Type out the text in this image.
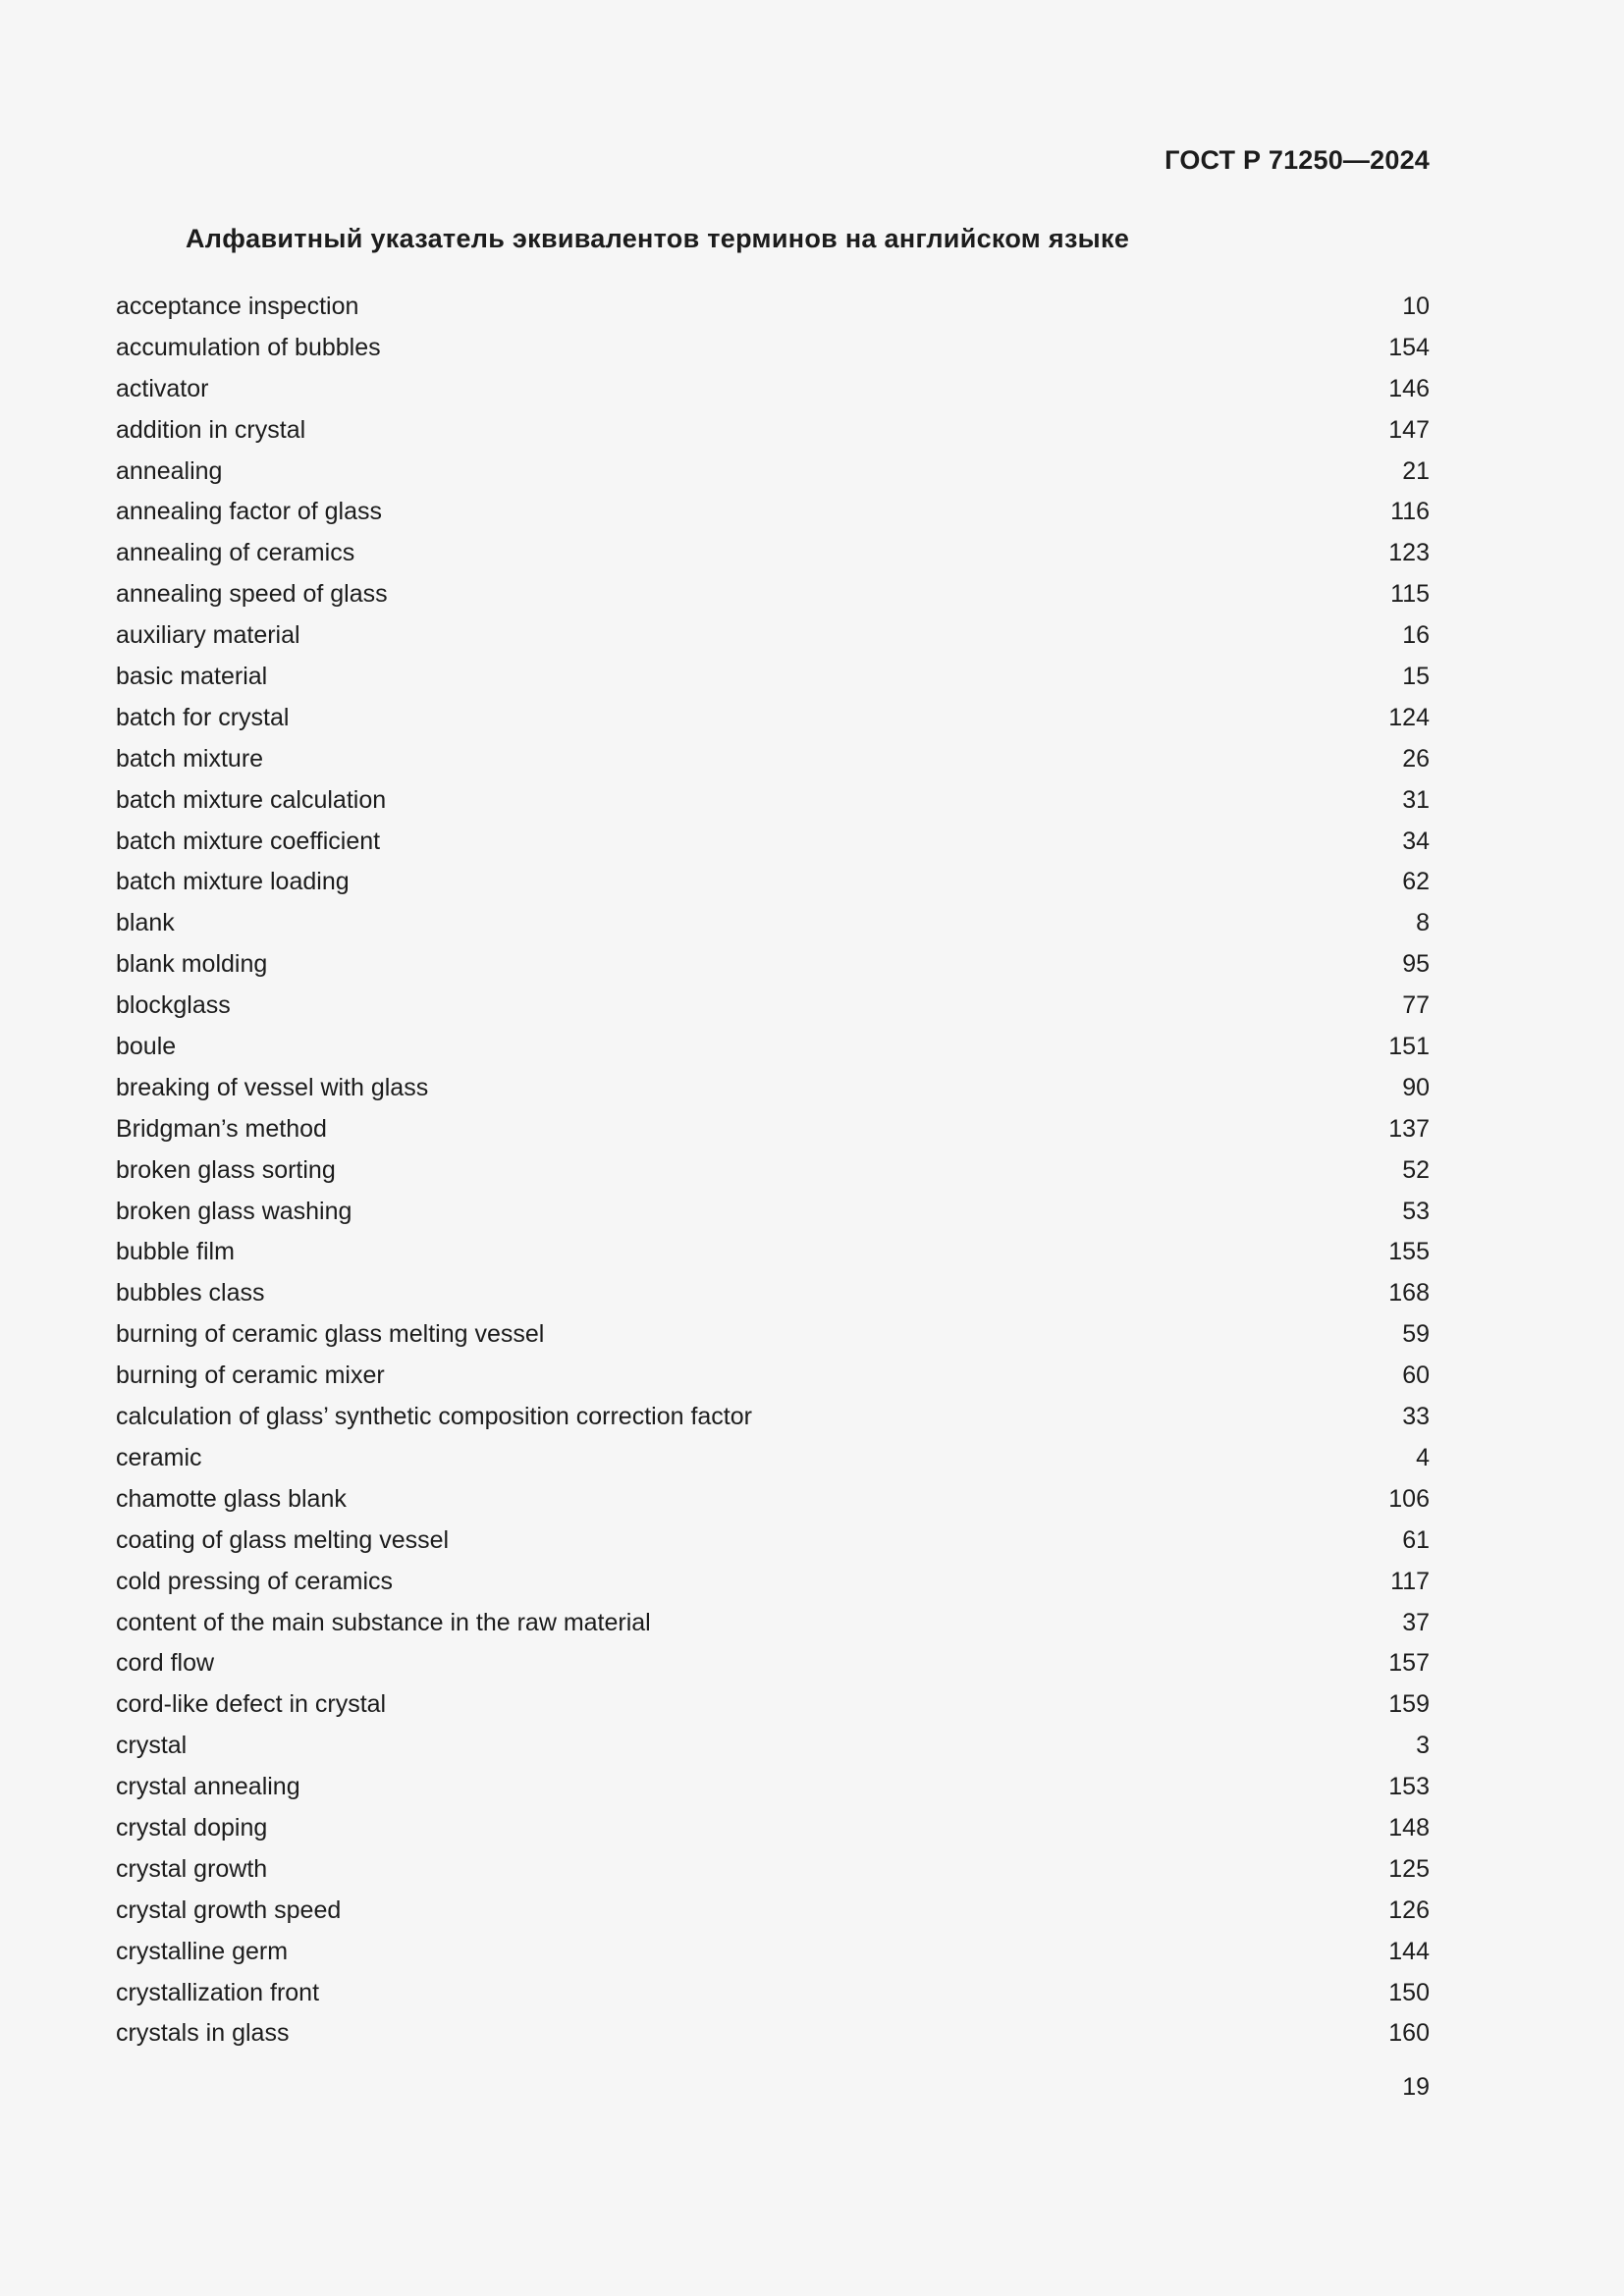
ГОСТ Р 71250—2024
Алфавитный указатель эквивалентов терминов на английском языке
acceptance inspection	10
accumulation of bubbles	154
activator	146
addition in crystal	147
annealing	21
annealing factor of glass	116
annealing of ceramics	123
annealing speed of glass	115
auxiliary material	16
basic material	15
batch for crystal	124
batch mixture	26
batch mixture calculation	31
batch mixture coefficient	34
batch mixture loading	62
blank	8
blank molding	95
blockglass	77
boule	151
breaking of vessel with glass	90
Bridgman’s method	137
broken glass sorting	52
broken glass washing	53
bubble film	155
bubbles class	168
burning of ceramic glass melting vessel	59
burning of ceramic mixer	60
calculation of glass’ synthetic composition correction factor	33
ceramic	4
chamotte glass blank	106
coating of glass melting vessel	61
cold pressing of ceramics	117
content of the main substance in the raw material	37
cord flow	157
cord-like defect in crystal	159
crystal	3
crystal annealing	153
crystal doping	148
crystal growth	125
crystal growth speed	126
crystalline germ	144
crystallization front	150
crystals in glass	160
19
